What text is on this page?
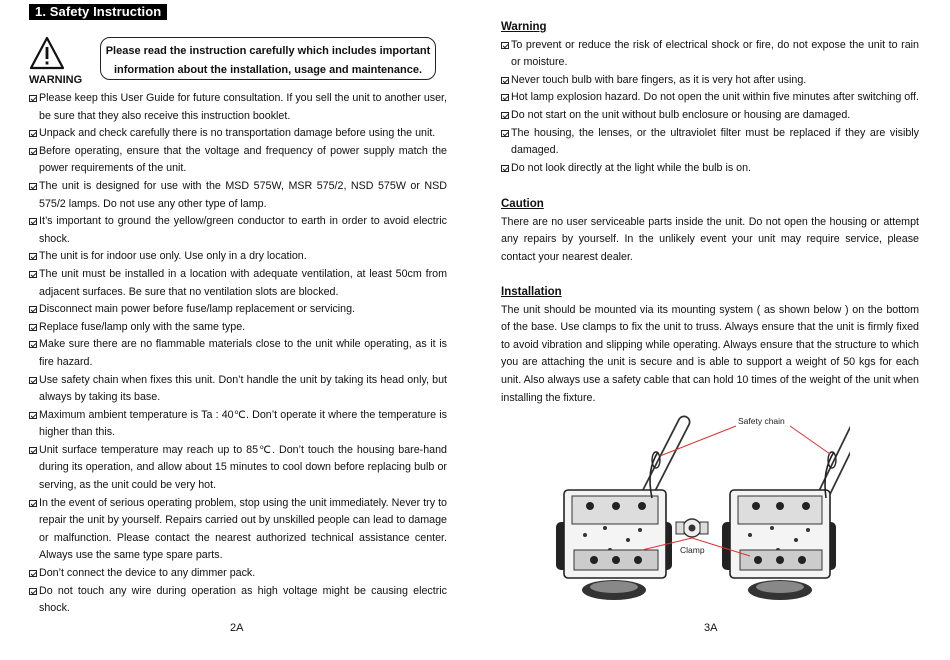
1. Safety Instruction
WARNING
Please read the instruction carefully which includes important
information about the installation, usage and maintenance.
Please keep this User Guide for future consultation. If you sell the unit to another user, be sure that they also receive this instruction booklet.
Unpack and check carefully there is no transportation damage before using the unit.
Before operating, ensure that the voltage and frequency of power supply match the power requirements of the unit.
The unit is designed for use with the MSD 575W, MSR 575/2, NSD 575W or NSD 575/2 lamps. Do not use any other type of lamp.
It’s important to ground the yellow/green conductor to earth in order to avoid electric shock.
The unit is for indoor use only. Use only in a dry location.
The unit must be installed in a location with adequate ventilation, at least 50cm from adjacent surfaces. Be sure that no ventilation slots are blocked.
Disconnect main power before fuse/lamp replacement or servicing.
Replace fuse/lamp only with the same type.
Make sure there are no flammable materials close to the unit while operating, as it is fire hazard.
Use safety chain when fixes this unit. Don’t handle the unit by taking its head only, but always by taking its base.
Maximum ambient temperature is Ta : 40℃. Don’t operate it where the temperature is higher than this.
Unit surface temperature may reach up to 85℃. Don’t touch the housing bare-hand during its operation, and allow about 15 minutes to cool down before replacing bulb or serving, as the unit could be very hot.
In the event of serious operating problem, stop using the unit immediately. Never try to repair the unit by yourself. Repairs carried out by unskilled people can lead to damage or malfunction. Please contact the nearest authorized technical assistance center. Always use the same type spare parts.
Don’t connect the device to any dimmer pack.
Do not touch any wire during operation as high voltage might be causing electric shock.
2A
Warning
To prevent or reduce the risk of electrical shock or fire, do not expose the unit to rain or moisture.
Never touch bulb with bare fingers, as it is very hot after using.
Hot lamp explosion hazard. Do not open the unit within five minutes after switching off.
Do not start on the unit without bulb enclosure or housing are damaged.
The housing, the lenses, or the ultraviolet filter must be replaced if they are visibly damaged.
Do not look directly at the light while the bulb is on.
Caution
There are no user serviceable parts inside the unit. Do not open the housing or attempt any repairs by yourself. In the unlikely event your unit may require service, please contact your nearest dealer.
Installation
The unit should be mounted via its mounting system ( as shown below ) on the bottom of the base. Use clamps to fix the unit to truss. Always ensure that the unit is firmly fixed to avoid vibration and slipping while operating. Always ensure that the structure to which you are attaching the unit is secure and is able to support a weight of 50 kgs for each unit. Also always use a safety cable that can hold 10 times of the weight of the unit when installing the fixture.
Safety chain
Clamp
3A
